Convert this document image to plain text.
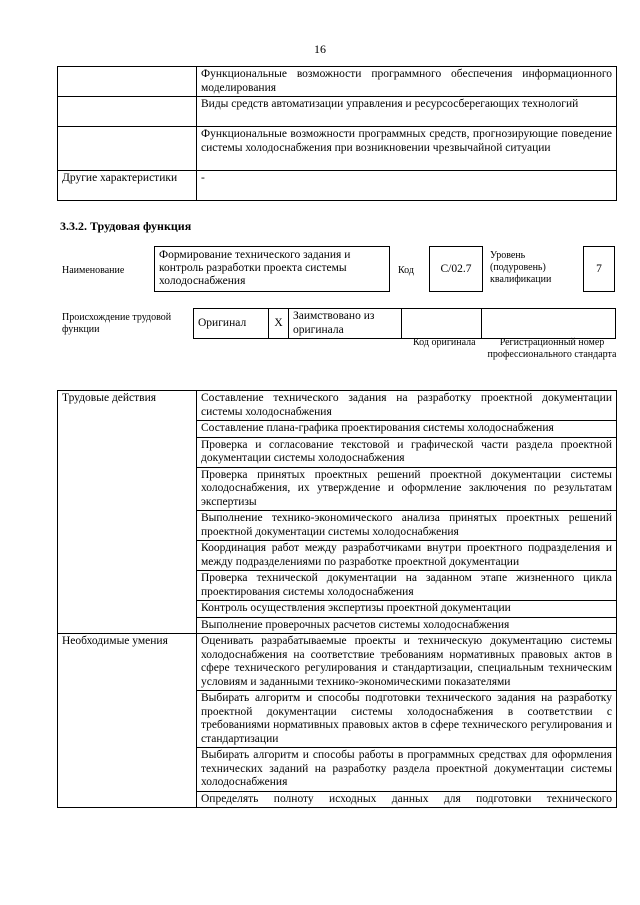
16
	Функциональные возможности программного обеспечения информационного моделирования
	Виды средств автоматизации управления и ресурсосберегающих технологий
	Функциональные возможности программных средств, прогнозирующие поведение системы холодоснабжения при возникновении чрезвычайной ситуации
Другие характеристики	-
3.3.2. Трудовая функция
Наименование
Формирование технического задания и контроль разработки проекта системы холодоснабжения
Код	С/02.7
Уровень (подуровень) квалификации
7
Происхождение трудовой функции
Оригинал	Х	Заимствовано из оригинала		
Код оригинала	Регистрационный номер профессионального стандарта
Трудовые действия	Составление технического задания на разработку проектной документации системы холодоснабжения
	Составление плана-графика проектирования системы холодоснабжения
	Проверка и согласование текстовой и графической части раздела проектной документации системы холодоснабжения
	Проверка принятых проектных решений проектной документации системы холодоснабжения, их утверждение и оформление заключения по результатам экспертизы
	Выполнение технико-экономического анализа принятых проектных решений проектной документации системы холодоснабжения
	Координация работ между разработчиками внутри проектного подразделения и между подразделениями по разработке проектной документации
	Проверка технической документации на заданном этапе жизненного цикла проектирования системы холодоснабжения
	Контроль осуществления экспертизы проектной документации
	Выполнение проверочных расчетов системы холодоснабжения
Необходимые умения	Оценивать разрабатываемые проекты и техническую документацию системы холодоснабжения на соответствие требованиям нормативных правовых актов в сфере технического регулирования и стандартизации, специальным техническим условиям и заданными технико-экономическими показателями
	Выбирать алгоритм и способы подготовки технического задания на разработку проектной документации системы холодоснабжения в соответствии с требованиями нормативных правовых актов в сфере технического регулирования и стандартизации
	Выбирать алгоритм и способы работы в программных средствах для оформления технических заданий на разработку раздела проектной документации системы холодоснабжения
	Определять полноту исходных данных для подготовки технического
